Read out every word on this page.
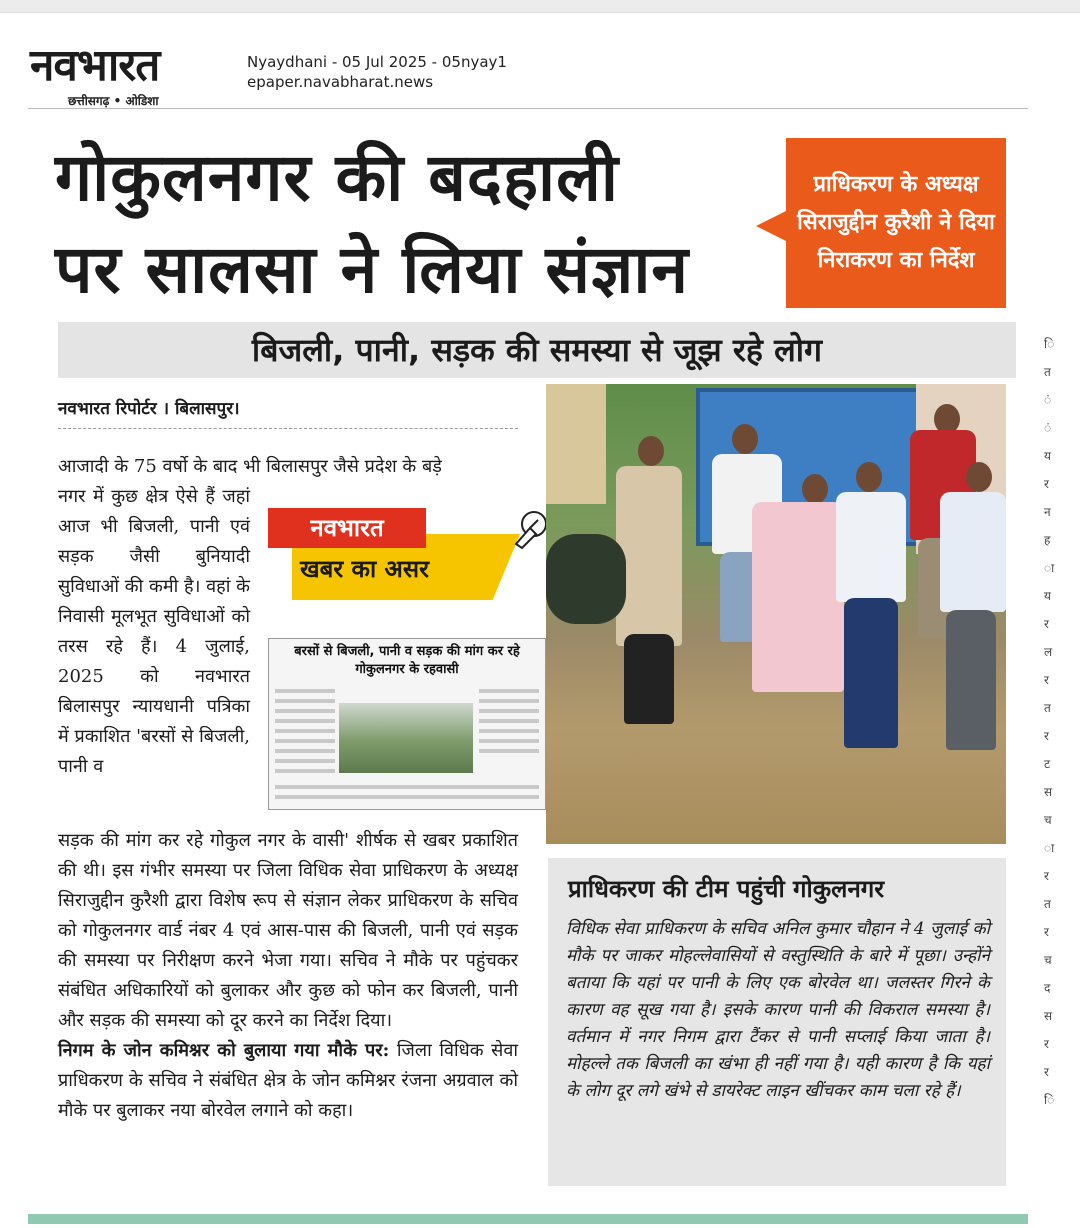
नवभारत
छत्तीसगढ़ • ओडिशा
Nyaydhani - 05 Jul 2025 - 05nyay1
epaper.navabharat.news
गोकुलनगर की बदहाली
पर सालसा ने लिया संज्ञान
प्राधिकरण के अध्यक्ष सिराजुद्दीन कुरैशी ने दिया निराकरण का निर्देश
बिजली, पानी, सड़क की समस्या से जूझ रहे लोग
नवभारत रिपोर्टर । बिलासपुर।
आजादी के 75 वर्षो के बाद भी बिलासपुर जैसे प्रदेश के बड़े
नगर में कुछ क्षेत्र ऐसे हैं जहां आज भी बिजली, पानी एवं सड़क जैसी बुनियादी सुविधाओं की कमी है। वहां के निवासी मूलभूत सुविधाओं को तरस रहे हैं। 4 जुलाई, 2025 को नवभारत बिलासपुर न्यायधानी पत्रिका में प्रकाशित 'बरसों से बिजली, पानी व
नवभारत
खबर का असर
बरसों से बिजली, पानी व सड़क की मांग कर रहे गोकुलनगर के रहवासी
सड़क की मांग कर रहे गोकुल नगर के वासी' शीर्षक से खबर प्रकाशित की थी। इस गंभीर समस्या पर जिला विधिक सेवा प्राधिकरण के अध्यक्ष सिराजुद्दीन कुरैशी द्वारा विशेष रूप से संज्ञान लेकर प्राधिकरण के सचिव को गोकुलनगर वार्ड नंबर 4 एवं आस-पास की बिजली, पानी एवं सड़क की समस्या पर निरीक्षण करने भेजा गया। सचिव ने मौके पर पहुंचकर संबंधित अधिकारियों को बुलाकर और कुछ को फोन कर बिजली, पानी और सड़क की समस्या को दूर करने का निर्देश दिया।
निगम के जोन कमिश्नर को बुलाया गया मौके पर: जिला विधिक सेवा प्राधिकरण के सचिव ने संबंधित क्षेत्र के जोन कमिश्नर रंजना अग्रवाल को मौके पर बुलाकर नया बोरवेल लगाने को कहा।
प्राधिकरण की टीम पहुंची गोकुलनगर
विधिक सेवा प्राधिकरण के सचिव अनिल कुमार चौहान ने 4 जुलाई को मौके पर जाकर मोहल्लेवासियों से वस्तुस्थिति के बारे में पूछा। उन्होंने बताया कि यहां पर पानी के लिए एक बोरवेल था। जलस्तर गिरने के कारण वह सूख गया है। इसके कारण पानी की विकराल समस्या है। वर्तमान में नगर निगम द्वारा टैंकर से पानी सप्लाई किया जाता है। मोहल्ले तक बिजली का खंभा ही नहीं गया है। यही कारण है कि यहां के लोग दूर लगे खंभे से डायरेक्ट लाइन खींचकर काम चला रहे हैं।
ि
त
ं
ं
य
र
न
ह
ा
य
र
ल
र
त
र
ट
स
च
ा
र
त
र
च
द
स
र
र
ि
